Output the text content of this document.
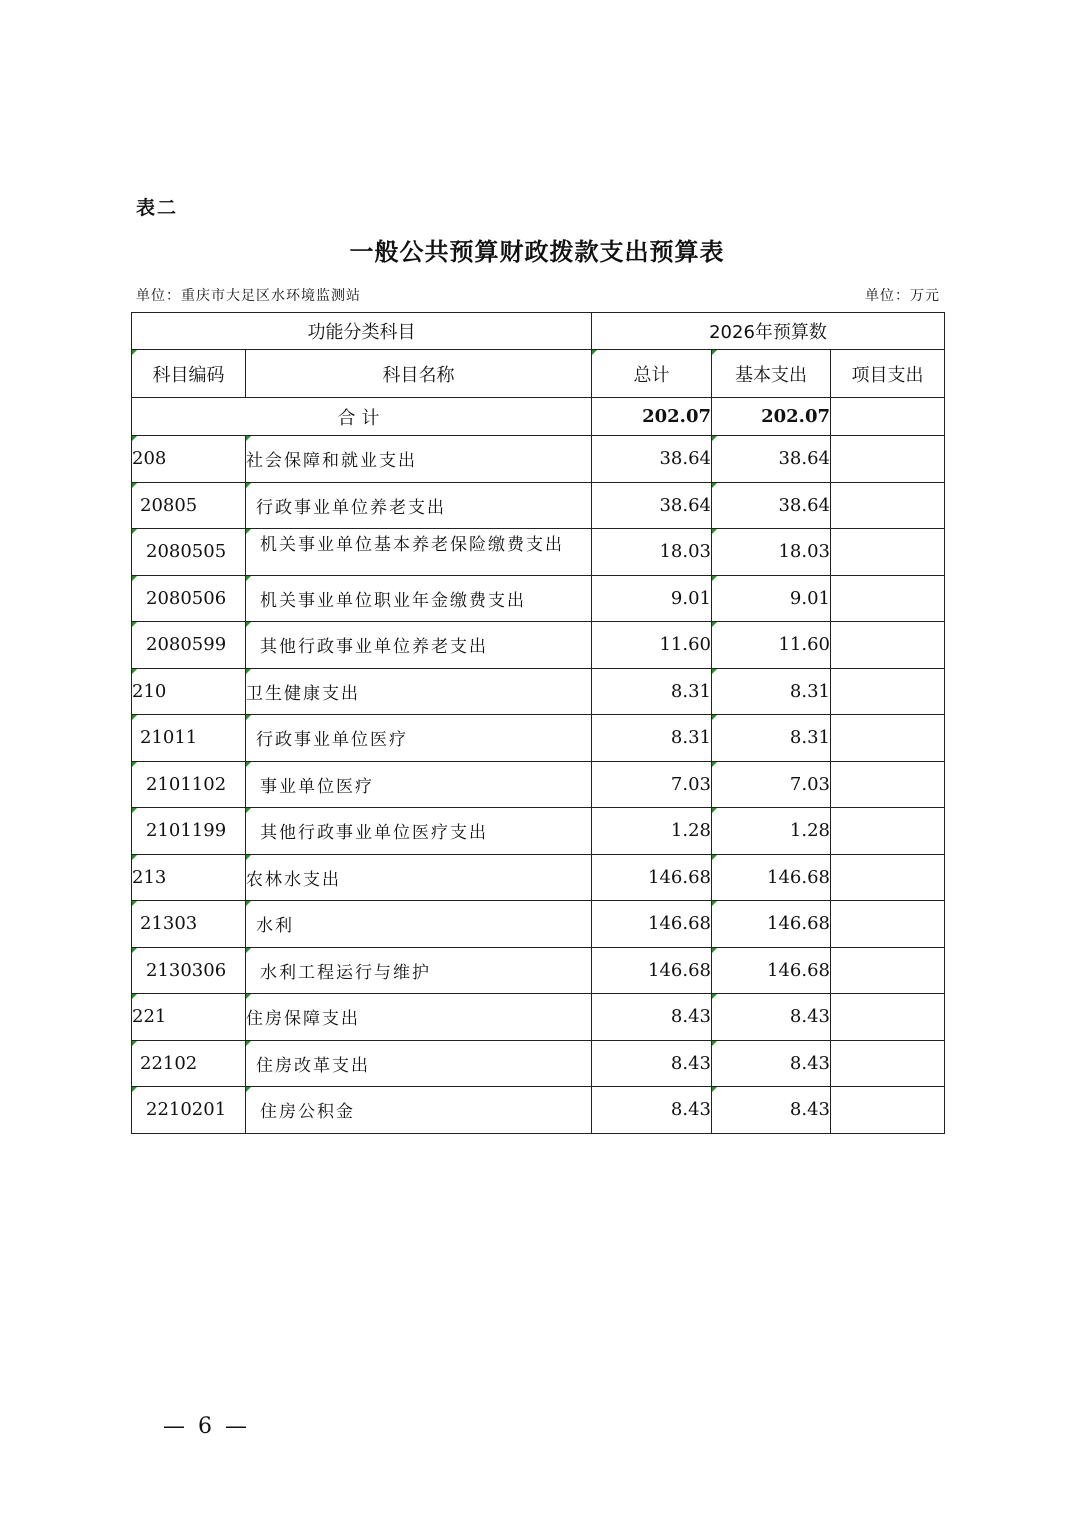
表二
一般公共预算财政拨款支出预算表
单位：重庆市大足区水环境监测站	单位：万元
功能分类科目		2026年预算数		
科目编码	科目名称	总计	基本支出	项目支出
合计		202.07	202.07	
208	社会保障和就业支出	38.64	38.64	
20805	行政事业单位养老支出	38.64	38.64	
2080505	机关事业单位基本养老保险缴费支出	18.03	18.03	
2080506	机关事业单位职业年金缴费支出	9.01	9.01	
2080599	其他行政事业单位养老支出	11.60	11.60	
210	卫生健康支出	8.31	8.31	
21011	行政事业单位医疗	8.31	8.31	
2101102	事业单位医疗	7.03	7.03	
2101199	其他行政事业单位医疗支出	1.28	1.28	
213	农林水支出	146.68	146.68	
21303	水利	146.68	146.68	
2130306	水利工程运行与维护	146.68	146.68	
221	住房保障支出	8.43	8.43	
22102	住房改革支出	8.43	8.43	
2210201	住房公积金	8.43	8.43	
— 6 —
